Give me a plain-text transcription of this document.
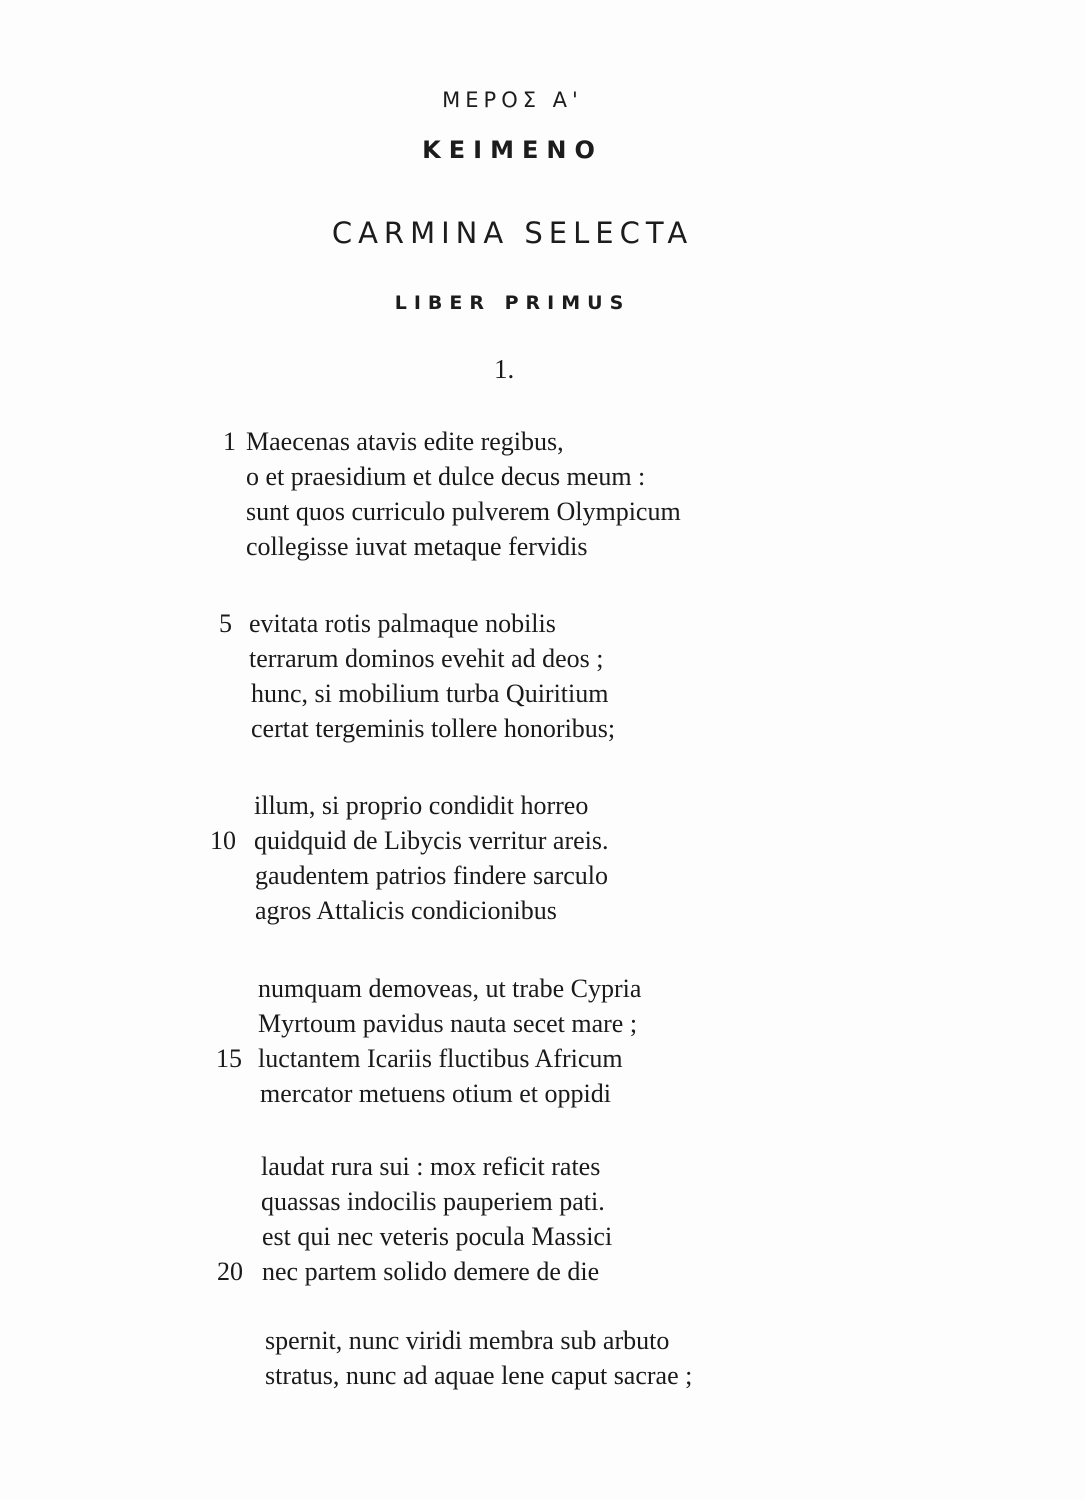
ΜΕΡΟΣ Α'
ΚΕΙΜΕΝΟ
CARMINA SELECTA
LIBER PRIMUS
1.
1 Maecenas atavis edite regibus,
o et praesidium et dulce decus meum :
sunt quos curriculo pulverem Olympicum
collegisse iuvat metaque fervidis
5 evitata rotis palmaque nobilis
terrarum dominos evehit ad deos ;
hunc, si mobilium turba Quiritium
certat tergeminis tollere honoribus;
illum, si proprio condidit horreo
10 quidquid de Libycis verritur areis.
gaudentem patrios findere sarculo
agros Attalicis condicionibus
numquam demoveas, ut trabe Cypria
Myrtoum pavidus nauta secet mare ;
15 luctantem Icariis fluctibus Africum
mercator metuens otium et oppidi
laudat rura sui : mox reficit rates
quassas indocilis pauperiem pati.
est qui nec veteris pocula Massici
20 nec partem solido demere de die
spernit, nunc viridi membra sub arbuto
stratus, nunc ad aquae lene caput sacrae ;
